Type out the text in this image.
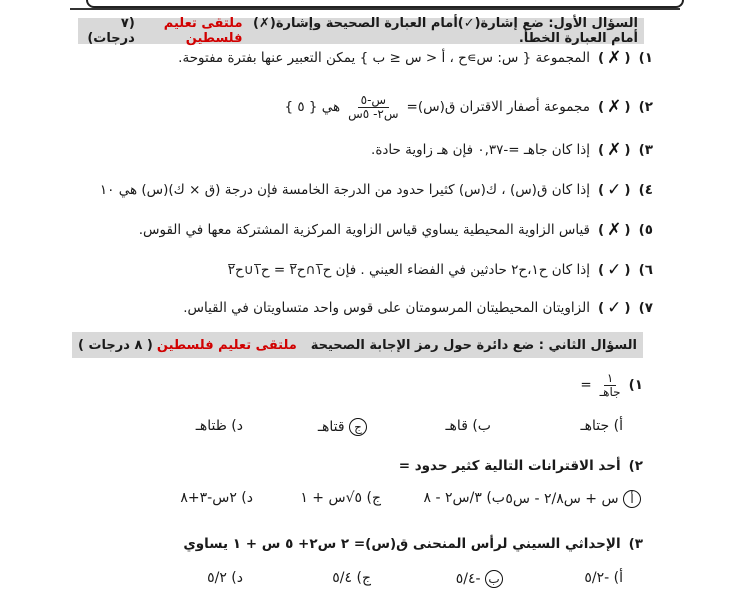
السؤال الأول: ضع إشارة(✓)أمام العبارة الصحيحة وإشارة(✗) أمام العبارة الخطأ.
ملتقى تعليم فلسطين
(٧ درجات)
١)
(
✗
)
المجموعة { س: س∍ح ، أ < س ≤ ب } يمكن التعبير عنها بفترة مفتوحة.
٢)
(
✗
)
مجموعة أصفار الاقتران ق(س)=
$\frac{\text{س-٥}}{\text{س٢- ٥س}}$
هي { ٥ }
٣)
(
✗
)
إذا كان جاهـ =-٠,٣٧ فإن هـ زاوية حادة.
٤)
(
✓
)
إذا كان ق(س) ، ك(س) كثيرا حدود من الدرجة الخامسة فإن درجة (ق × ك)(س) هي ١٠
٥)
(
✗
)
قياس الزاوية المحيطية يساوي قياس الزاوية المركزية المشتركة معها في القوس.
٦)
(
✓
)
إذا كان ح١،ح٢ حادثين في الفضاء العيني . فإن ح̅١∩ح̅٢ = ح̅١∪ح̅٢
٧)
(
✓
)
الزاويتان المحيطيتان المرسومتان على قوس واحد متساويتان في القياس.
السؤال الثاني : ضع دائرة حول رمز الإجابة الصحيحة
ملتقى تعليم فلسطين
( ٨ درجات )
١)
$\frac{١}{\text{جاهـ}}$
=
أ) جتاهـ
ب) قاهـ
ج قتاهـ
د) ظتاهـ
٢)
أحد الاقترانات التالية كثير حدود =
أ س + س٢/٨ - س٥
ب) ٣/س٢ - ٨
ج) ٥√س + ١
د) ٢س-٣+٨
٣)
الإحداثي السيني لرأس المنحنى ق(س)= ٢ س٢+ ٥ س + ١ يساوي
أ) -٥/٢
ب -٥/٤
ج) ٥/٤
د) ٥/٢
